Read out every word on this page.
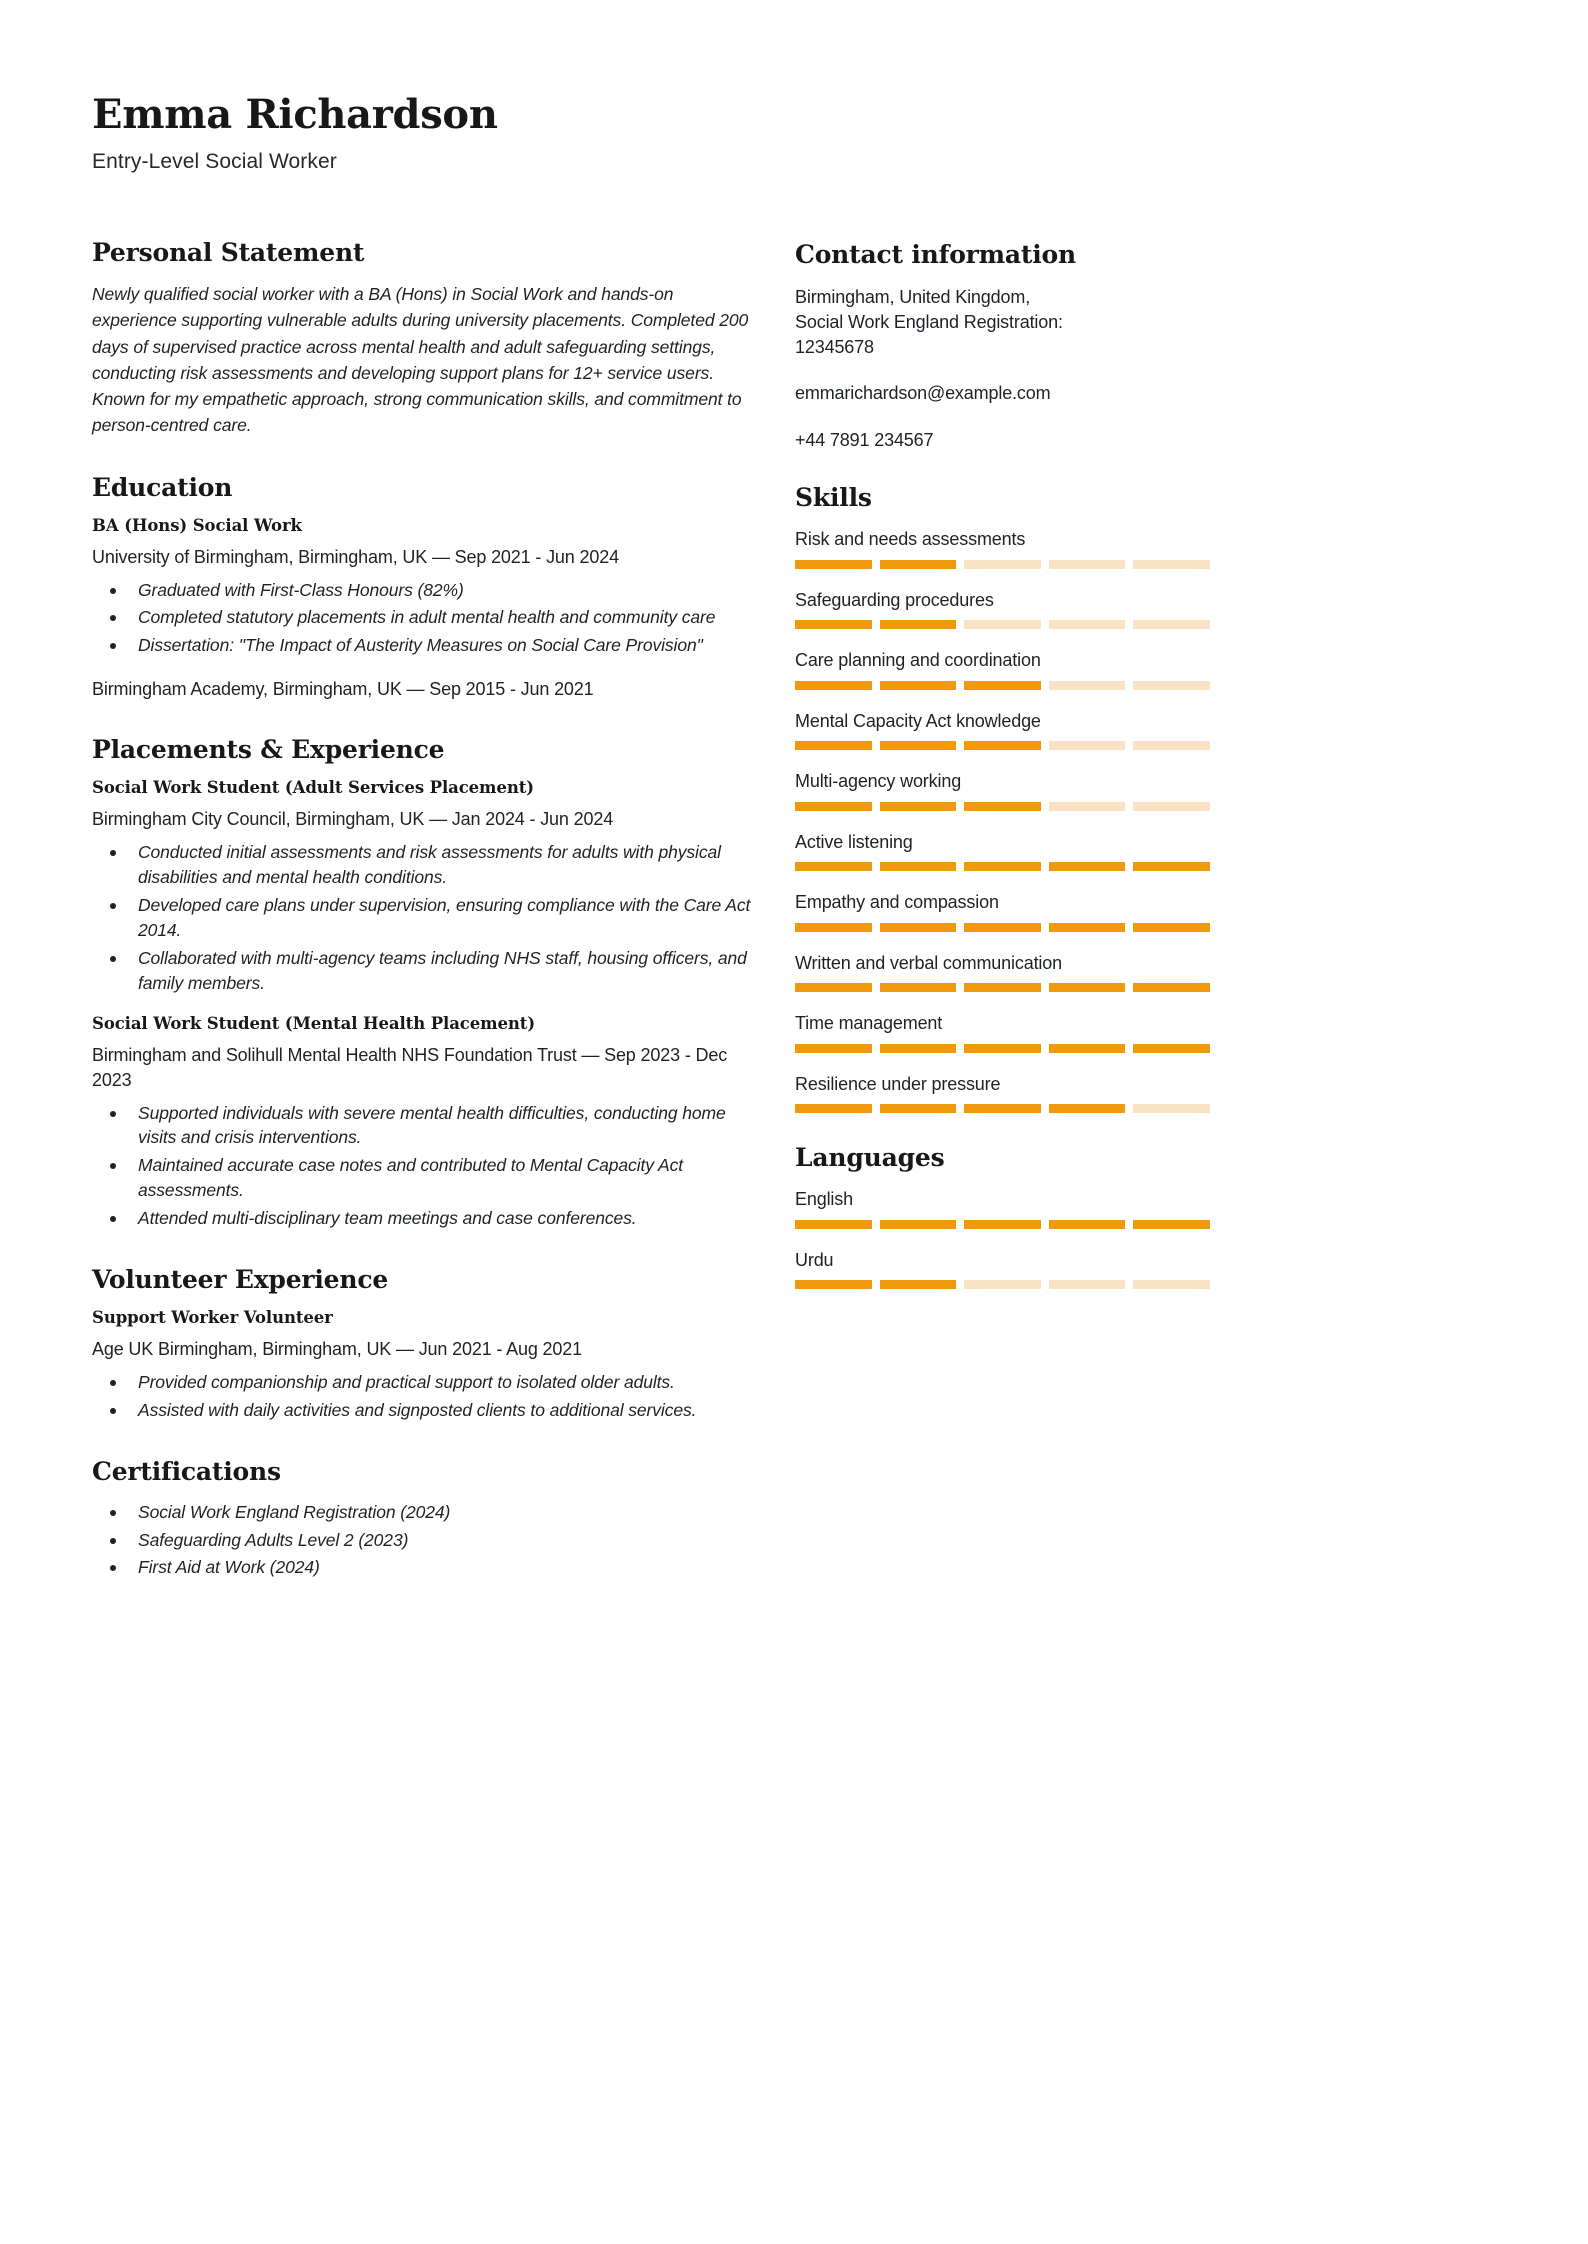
Emma Richardson
Entry-Level Social Worker
Personal Statement
Newly qualified social worker with a BA (Hons) in Social Work and hands-on experience supporting vulnerable adults during university placements. Completed 200 days of supervised practice across mental health and adult safeguarding settings, conducting risk assessments and developing support plans for 12+ service users. Known for my empathetic approach, strong communication skills, and commitment to person-centred care.
Education
BA (Hons) Social Work
University of Birmingham, Birmingham, UK — Sep 2021 - Jun 2024
Graduated with First-Class Honours (82%)
Completed statutory placements in adult mental health and community care
Dissertation: "The Impact of Austerity Measures on Social Care Provision"
Birmingham Academy, Birmingham, UK — Sep 2015 - Jun 2021
Placements & Experience
Social Work Student (Adult Services Placement)
Birmingham City Council, Birmingham, UK — Jan 2024 - Jun 2024
Conducted initial assessments and risk assessments for adults with physical disabilities and mental health conditions.
Developed care plans under supervision, ensuring compliance with the Care Act 2014.
Collaborated with multi-agency teams including NHS staff, housing officers, and family members.
Social Work Student (Mental Health Placement)
Birmingham and Solihull Mental Health NHS Foundation Trust — Sep 2023 - Dec 2023
Supported individuals with severe mental health difficulties, conducting home visits and crisis interventions.
Maintained accurate case notes and contributed to Mental Capacity Act assessments.
Attended multi-disciplinary team meetings and case conferences.
Volunteer Experience
Support Worker Volunteer
Age UK Birmingham, Birmingham, UK — Jun 2021 - Aug 2021
Provided companionship and practical support to isolated older adults.
Assisted with daily activities and signposted clients to additional services.
Certifications
Social Work England Registration (2024)
Safeguarding Adults Level 2 (2023)
First Aid at Work (2024)
Contact information
Birmingham, United Kingdom,
Social Work England Registration:
12345678
emmarichardson@example.com
+44 7891 234567
Skills
Risk and needs assessments
Safeguarding procedures
Care planning and coordination
Mental Capacity Act knowledge
Multi-agency working
Active listening
Empathy and compassion
Written and verbal communication
Time management
Resilience under pressure
Languages
English
Urdu
